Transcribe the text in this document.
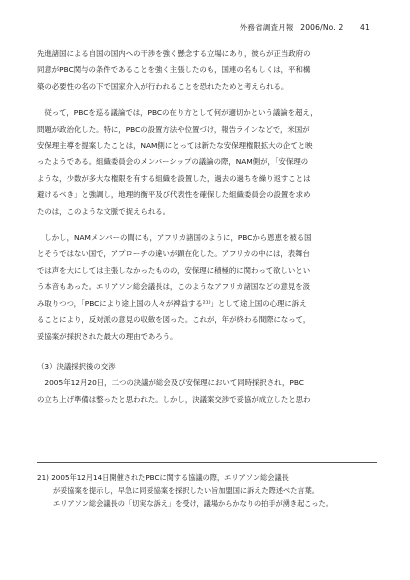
外務省調査月報 2006/No. 2 41
先進諸国による自国の国内への干渉を強く懸念する立場にあり，彼らが正当政府の
同意がPBC関与の条件であることを強く主張したのも，国連の名もしくは，平和構
築の必要性の名の下で国家介入が行われることを恐れたためと考えられる。
　従って，PBCを巡る議論では，PBCの在り方として何が適切かという議論を超え，
問題が政治化した。特に，PBCの設置方法や位置づけ，報告ラインなどで，米国が
安保理主導を提案したことは，NAM側にとっては新たな安保理権限拡大の企てと映
ったようである。組織委員会のメンバーシップの議論の際，NAM側が，「安保理の
ような，少数が多大な権限を有する組織を設置した，過去の過ちを繰り返すことは
避けるべき」と強調し，地理的衡平及び代表性を確保した組織委員会の設置を求め
たのは，このような文脈で捉えられる。
　しかし，NAMメンバーの間にも，アフリカ諸国のように，PBCから恩恵を被る国
とそうではない国で，アプローチの違いが顕在化した。アフリカの中には，表舞台
では声を大にしては主張しなかったものの，安保理に積極的に関わって欲しいとい
う本音もあった。エリアソン総会議長は，このようなアフリカ諸国などの意見を汲
み取りつつ，「PBCにより途上国の人々が裨益する²¹⁾」として途上国の心理に訴え
ることにより，反対派の意見の収斂を図った。これが，年が終わる間際になって，
妥協案が採択された最大の理由であろう。
（3）決議採択後の交渉
　2005年12月20日，二つの決議が総会及び安保理において同時採択され，PBC
の立ち上げ準備は整ったと思われた。しかし，決議案交渉で妥協が成立したと思わ
21) 2005年12月14日開催されたPBCに関する協議の際，エリアソン総会議長
が妥協案を提示し，早急に同妥協案を採択したい旨加盟国に訴えた際述べた言葉。
エリアソン総会議長の「切実な訴え」を受け，議場からかなりの拍手が湧き起こった。
